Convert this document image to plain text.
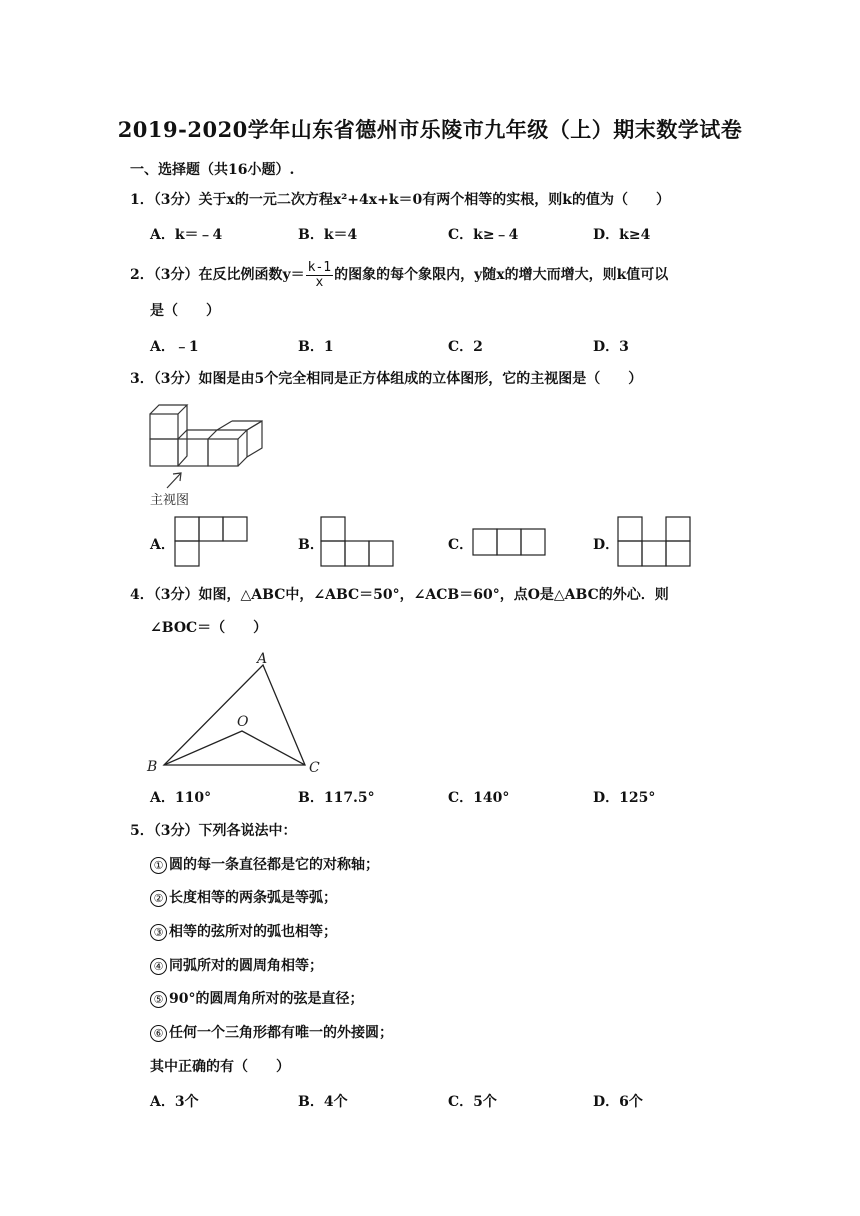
2019-2020学年山东省德州市乐陵市九年级（上）期末数学试卷
一、选择题（共16小题）.
1．（3分）关于x的一元二次方程x²+4x+k＝0有两个相等的实根，则k的值为（　　）
A．k＝﹣4	B．k＝4	C．k≥﹣4	D．k≥4
2．（3分）在反比例函数$y= \frac{k-1}{x}$ 的图象的每个象限内，y随x的增大而增大，则k值可以
是（　　）
A．﹣1	B．1	C．2	D．3
3．（3分）如图是由5个完全相同是正方体组成的立体图形，它的主视图是（　　）
主视图
A．	B．	C．	D．
4．（3分）如图，△ABC中，∠ABC＝50°，∠ACB＝60°，点O是△ABC的外心．则
∠BOC＝（　　）
A
B	C
O
A．110°	B．117.5°	C．140°	D．125°
5．（3分）下列各说法中：
① 圆的每一条直径都是它的对称轴；
② 长度相等的两条弧是等弧；
③ 相等的弦所对的弧也相等；
④ 同弧所对的圆周角相等；
⑤ 90°的圆周角所对的弦是直径；
⑥ 任何一个三角形都有唯一的外接圆；
其中正确的有（　　）
A．3个	B．4个	C．5个	D．6个
